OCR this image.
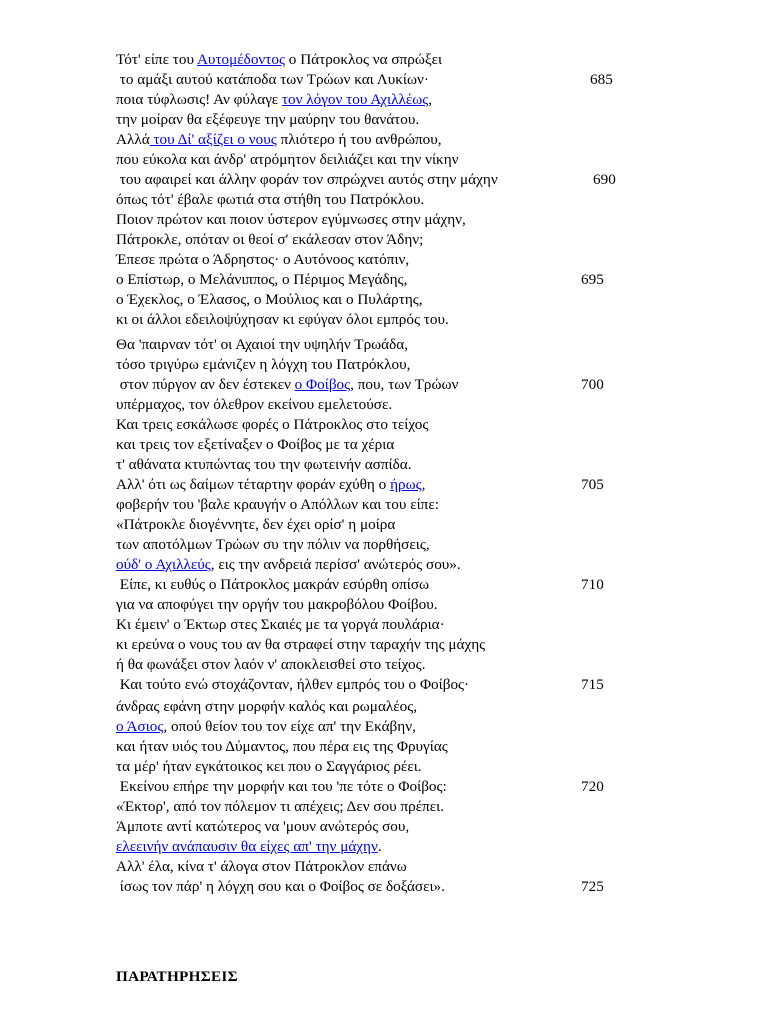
Τότ' είπε του Αυτομέδοντος ο Πάτροκλος να σπρώξει
το αμάξι αυτού κατάποδα των Τρώων και Λυκίων·
ποια τύφλωσις! Αν φύλαγε τον λόγον του Αχιλλέως,
την μοίραν θα εξέφευγε την μαύρην του θανάτου.
Αλλά του Δί' αξίζει ο νους πλιότερο ή του ανθρώπου,
που εύκολα και άνδρ' ατρόμητον δειλιάζει και την νίκην
του αφαιρεί και άλλην φοράν τον σπρώχνει αυτός στην μάχην
όπως τότ' έβαλε φωτιά στα στήθη του Πατρόκλου.
Ποιον πρώτον και ποιον ύστερον εγύμνωσες στην μάχην,
Πάτροκλε, οπόταν οι θεοί σ' εκάλεσαν στον Άδην;
Έπεσε πρώτα ο Άδρηστος· ο Αυτόνοος κατόπιν,
ο Επίστωρ, ο Μελάνιππος, ο Πέριμος Μεγάδης,
ο Έχεκλος, ο Έλασος, ο Μούλιος και ο Πυλάρτης,
κι οι άλλοι εδειλοψύχησαν κι εφύγαν όλοι εμπρός του.
Θα 'παιρναν τότ' οι Αχαιοί την υψηλήν Τρωάδα,
τόσο τριγύρω εμάνιζεν η λόγχη του Πατρόκλου,
στον πύργον αν δεν έστεκεν ο Φοίβος, που, των Τρώων
υπέρμαχος, τον όλεθρον εκείνου εμελετούσε.
Και τρεις εσκάλωσε φορές ο Πάτροκλος στο τείχος
και τρεις τον εξετίναξεν ο Φοίβος με τα χέρια
τ' αθάνατα κτυπώντας του την φωτεινήν ασπίδα.
Αλλ' ότι ως δαίμων τέταρτην φοράν εχύθη ο ήρως,
φοβερήν του 'βαλε κραυγήν ο Απόλλων και του είπε:
«Πάτροκλε διογέννητε, δεν έχει ορίσ' η μοίρα
των αποτόλμων Τρώων συ την πόλιν να πορθήσεις,
ούδ' ο Αχιλλεύς, εις την ανδρειά περίσσ' ανώτερός σου».
Είπε, κι ευθύς ο Πάτροκλος μακράν εσύρθη οπίσω
για να αποφύγει την οργήν του μακροβόλου Φοίβου.
Κι έμειν' ο Έκτωρ στες Σκαιές με τα γοργά πουλάρια·
κι ερεύνα ο νους του αν θα στραφεί στην ταραχήν της μάχης
ή θα φωνάξει στον λαόν ν' αποκλεισθεί στο τείχος.
Και τούτο ενώ στοχάζονταν, ήλθεν εμπρός του ο Φοίβος·
άνδρας εφάνη στην μορφήν καλός και ρωμαλέος,
ο Άσιος, οπού θείον του τον είχε απ' την Εκάβην,
και ήταν υιός του Δύμαντος, που πέρα εις της Φρυγίας
τα μέρ' ήταν εγκάτοικος κει που ο Σαγγάριος ρέει.
Εκείνου επήρε την μορφήν και του 'πε τότε ο Φοίβος:
«Έκτορ', από τον πόλεμον τι απέχεις; Δεν σου πρέπει.
Άμποτε αντί κατώτερος να 'μουν ανώτερός σου,
ελεεινήν ανάπαυσιν θα είχες απ' την μάχην.
Αλλ' έλα, κίνα τ' άλογα στον Πάτροκλον επάνω
ίσως τον πάρ' η λόγχη σου και ο Φοίβος σε δοξάσει».
685
690
695
700
705
710
715
720
725
ΠΑΡΑΤΗΡΗΣΕΙΣ
